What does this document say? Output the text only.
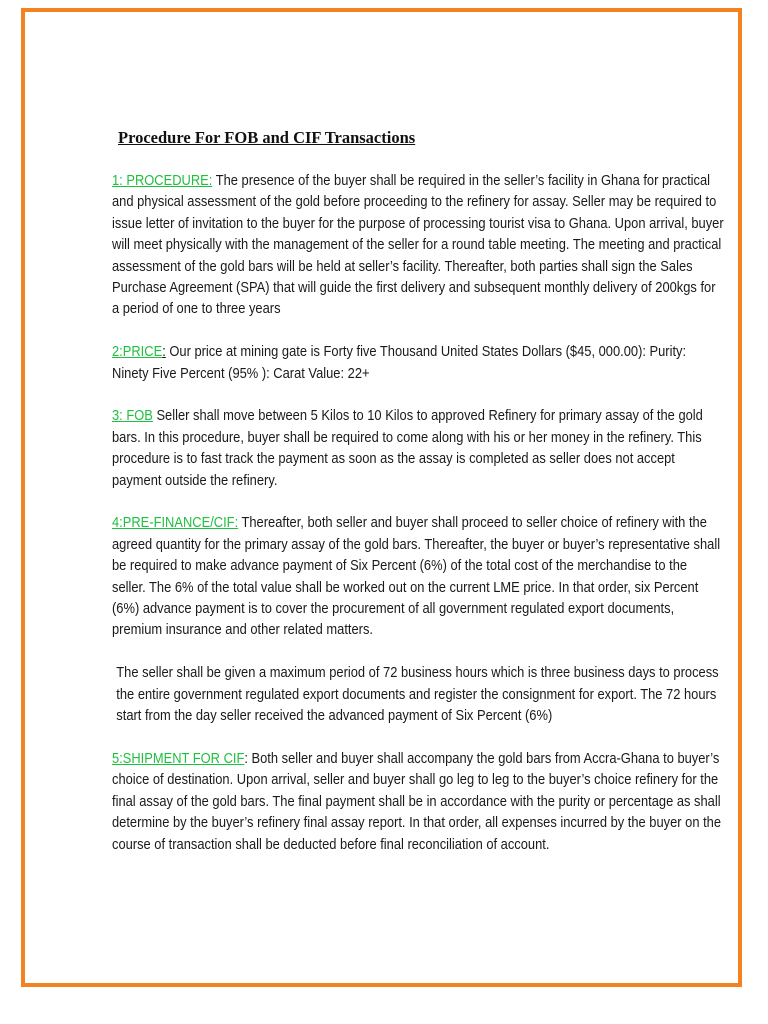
Procedure For FOB and CIF Transactions

1: PROCEDURE: The presence of the buyer shall be required in the seller’s facility in Ghana for practical and physical assessment of the gold before proceeding to the refinery for assay. Seller may be required to issue letter of invitation to the buyer for the purpose of processing tourist visa to Ghana. Upon arrival, buyer will meet physically with the management of the seller for a round table meeting. The meeting and practical assessment of the gold bars will be held at seller’s facility. Thereafter, both parties shall sign the Sales Purchase Agreement (SPA) that will guide the first delivery and subsequent monthly delivery of 200kgs for a period of one to three years

2:PRICE: Our price at mining gate is Forty five Thousand United States Dollars ($45, 000.00): Purity: Ninety Five Percent (95% ): Carat Value: 22+

3: FOB Seller shall move between 5 Kilos to 10 Kilos to approved Refinery for primary assay of the gold bars. In this procedure, buyer shall be required to come along with his or her money in the refinery. This procedure is to fast track the payment as soon as the assay is completed as seller does not accept payment outside the refinery.

4:PRE-FINANCE/CIF: Thereafter, both seller and buyer shall proceed to seller choice of refinery with the agreed quantity for the primary assay of the gold bars. Thereafter, the buyer or buyer’s representative shall be required to make advance payment of Six Percent (6%) of the total cost of the merchandise to the seller. The 6% of the total value shall be worked out on the current LME price. In that order, six Percent (6%) advance payment is to cover the procurement of all government regulated export documents, premium insurance and other related matters.

The seller shall be given a maximum period of 72 business hours which is three business days to process the entire government regulated export documents and register the consignment for export. The 72 hours start from the day seller received the advanced payment of Six Percent (6%)

5:SHIPMENT FOR CIF: Both seller and buyer shall accompany the gold bars from Accra-Ghana to buyer’s choice of destination. Upon arrival, seller and buyer shall go leg to leg to the buyer’s choice refinery for the final assay of the gold bars. The final payment shall be in accordance with the purity or percentage as shall determine by the buyer’s refinery final assay report. In that order, all expenses incurred by the buyer on the course of transaction shall be deducted before final reconciliation of account.
